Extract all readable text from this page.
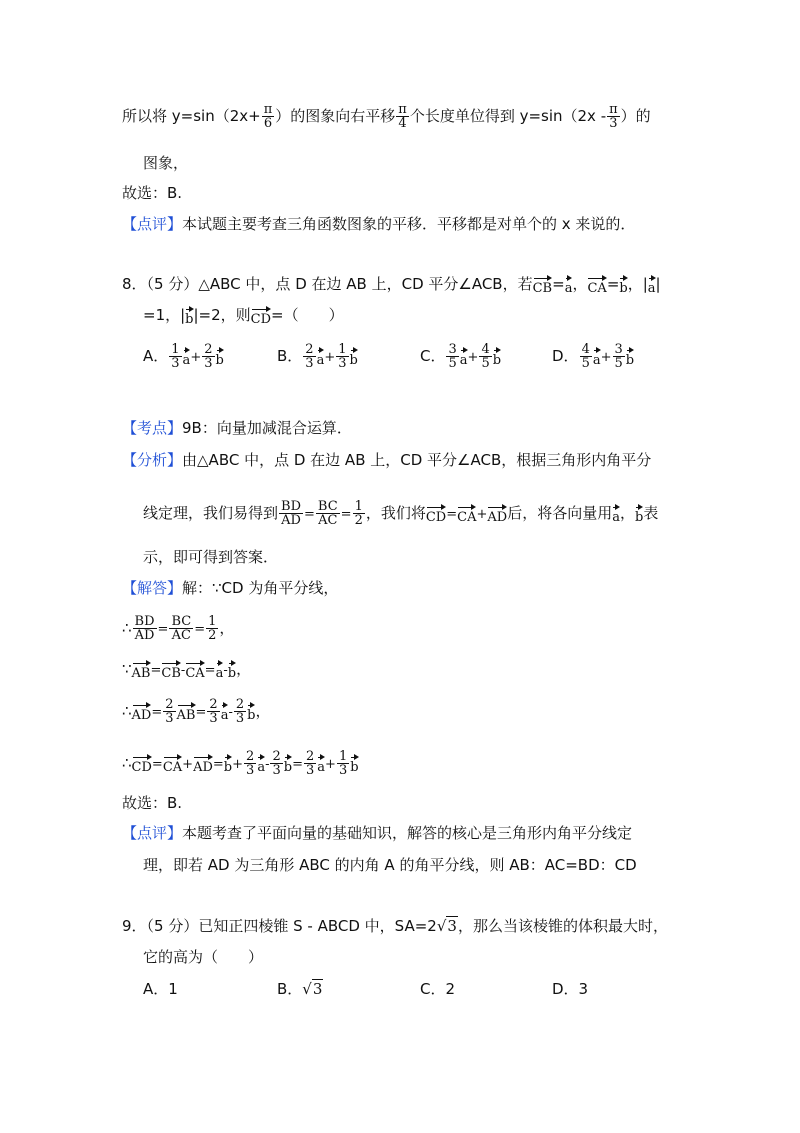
所以将 $y=\sin(2x+ \frac{\pi}{6}$ ）的图象向右平移 $\frac{\pi}{4}$ 个长度单位得到 $y=\sin(2x - \frac{\pi}{3}$ ）的
图象，
故选：B.
【点评】本试题主要考查三角函数图象的平移．平移都是对单个的 x 来说的．
8．（5 分）△ABC 中，点 D 在边 AB 上，CD 平分∠ACB，若CB=a，CA=b，|a|
=1，|b|=2，则CD=（　　）
A． $\frac{1}{3} a+ \frac{2}{3}$ b	B． $\frac{2}{3} a+ \frac{1}{3}$ b	C． $\frac{3}{5} a+ \frac{4}{5}$ b	D． $\frac{4}{5} a+ \frac{3}{5}$ b
【考点】9B：向量加减混合运算．
【分析】由△ABC 中，点 D 在边 AB 上，CD 平分∠ACB，根据三角形内角平分
线定理，我们易得到 $\frac{BD}{AD} = \frac{BC}{AC} = \frac{1}{2}$ ，我们将CD=CA+AD后，将各向量用a，b表
示，即可得到答案．
【解答】解：∵CD 为角平分线，
∴ $\frac{BD}{AD} = \frac{BC}{AC} = \frac{1}{2}$ ，
∵AB=CB-CA=a-b，
∴AD= $\frac{2}{3} AB= \frac{2}{3} a- \frac{2}{3}$ b，
∴CD=CA+AD=b+ $\frac{2}{3} a- \frac{2}{3} b= \frac{2}{3} a+ \frac{1}{3}$ b
故选：B.
【点评】本题考查了平面向量的基础知识，解答的核心是三角形内角平分线定
理，即若 AD 为三角形 ABC 的内角 A 的角平分线，则 AB：AC=BD：CD
9．（5 分）已知正四棱锥 S - ABCD 中，SA=2√3，那么当该棱锥的体积最大时，
它的高为（　　）
A．1	B．√3	C．2	D．3
